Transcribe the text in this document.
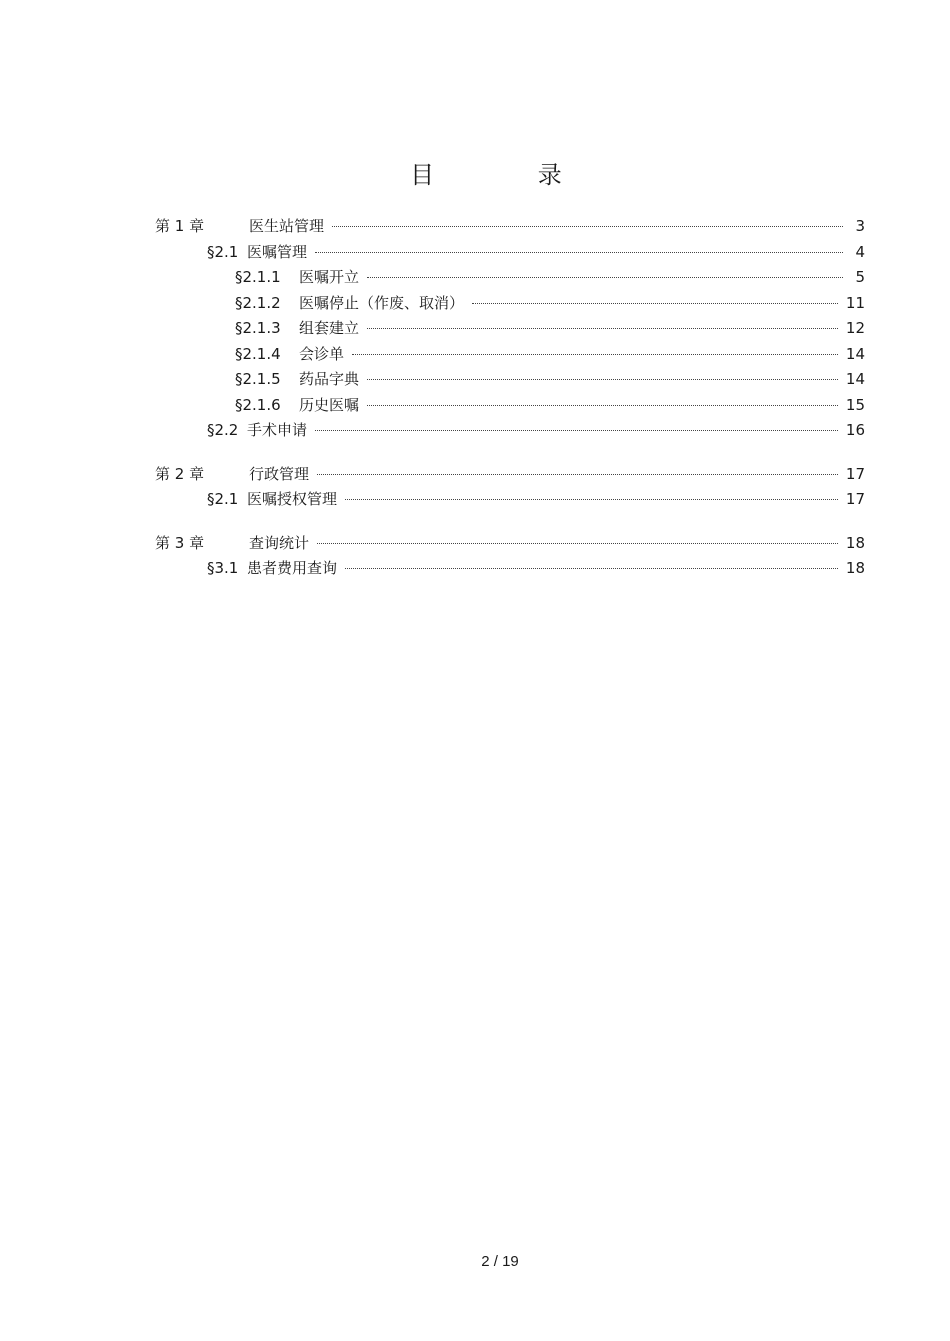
目 录
第 1 章	医生站管理	3
§2.1 医嘱管理	4
§2.1.1	医嘱开立	5
§2.1.2	医嘱停止（作废、取消）	11
§2.1.3	组套建立	12
§2.1.4	会诊单	14
§2.1.5	药品字典	14
§2.1.6	历史医嘱	15
§2.2 手术申请	16
第 2 章	行政管理	17
§2.1 医嘱授权管理	17
第 3 章	查询统计	18
§3.1 患者费用查询	18
2 / 19
